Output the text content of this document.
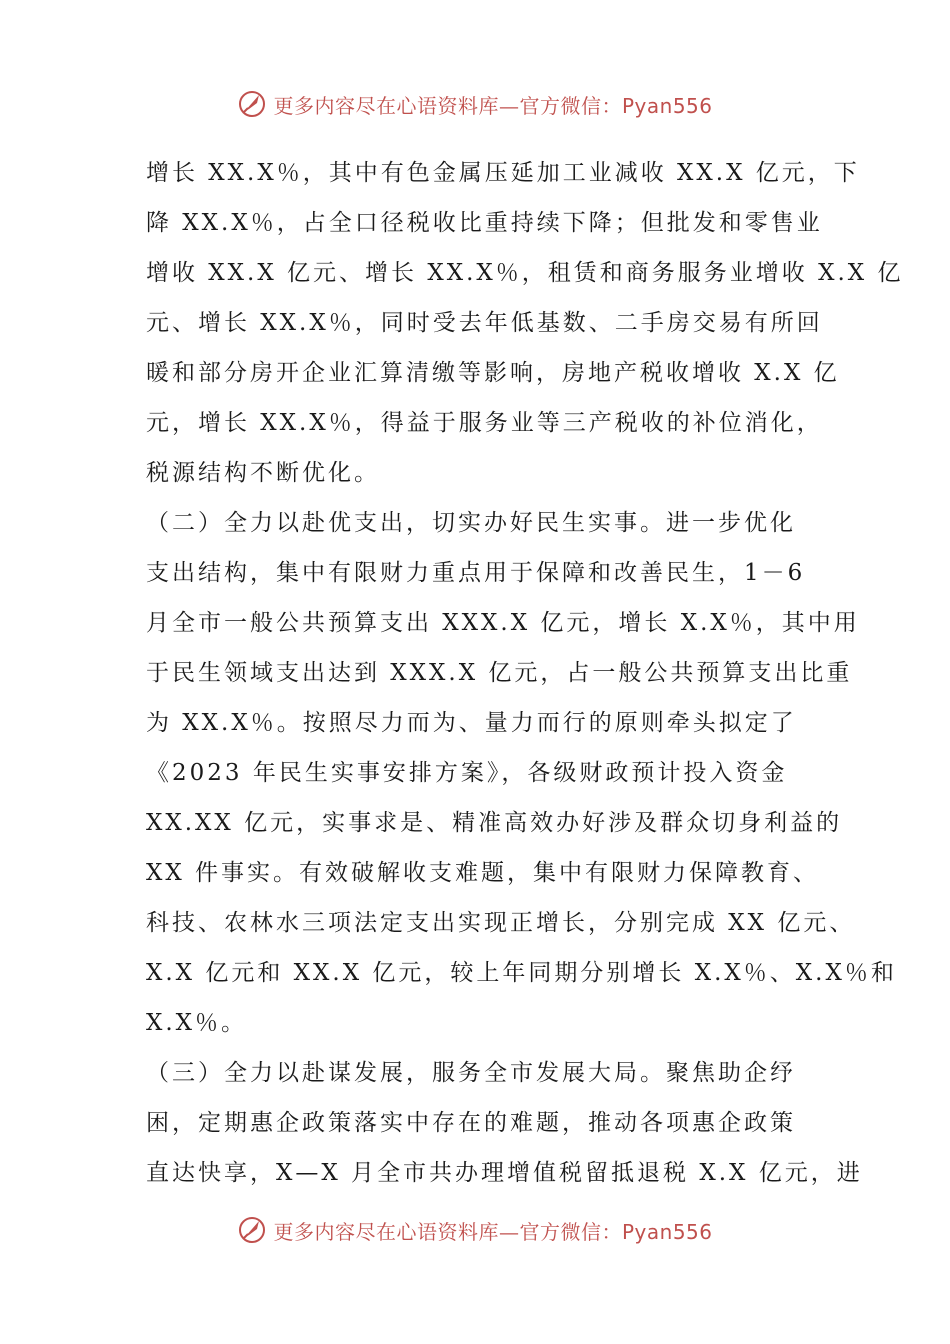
更多内容尽在心语资料库—官方微信：Pyan556
增长 XX.X％，其中有色金属压延加工业减收 XX.X 亿元，下
降 XX.X％，占全口径税收比重持续下降；但批发和零售业
增收 XX.X 亿元、增长 XX.X％，租赁和商务服务业增收 X.X 亿
元、增长 XX.X％，同时受去年低基数、二手房交易有所回
暖和部分房开企业汇算清缴等影响，房地产税收增收 X.X 亿
元，增长 XX.X％，得益于服务业等三产税收的补位消化，
税源结构不断优化。
（二）全力以赴优支出，切实办好民生实事。进一步优化
支出结构，集中有限财力重点用于保障和改善民生，1－6
月全市一般公共预算支出 XXX.X 亿元，增长 X.X％，其中用
于民生领域支出达到 XXX.X 亿元，占一般公共预算支出比重
为 XX.X％。按照尽力而为、量力而行的原则牵头拟定了
《2023 年民生实事安排方案》，各级财政预计投入资金
XX.XX 亿元，实事求是、精准高效办好涉及群众切身利益的
XX 件事实。有效破解收支难题，集中有限财力保障教育、
科技、农林水三项法定支出实现正增长，分别完成 XX 亿元、
X.X 亿元和 XX.X 亿元，较上年同期分别增长 X.X％、X.X％和
X.X％。
（三）全力以赴谋发展，服务全市发展大局。聚焦助企纾
困，定期惠企政策落实中存在的难题，推动各项惠企政策
直达快享，X—X 月全市共办理增值税留抵退税 X.X 亿元，进
更多内容尽在心语资料库—官方微信：Pyan556
